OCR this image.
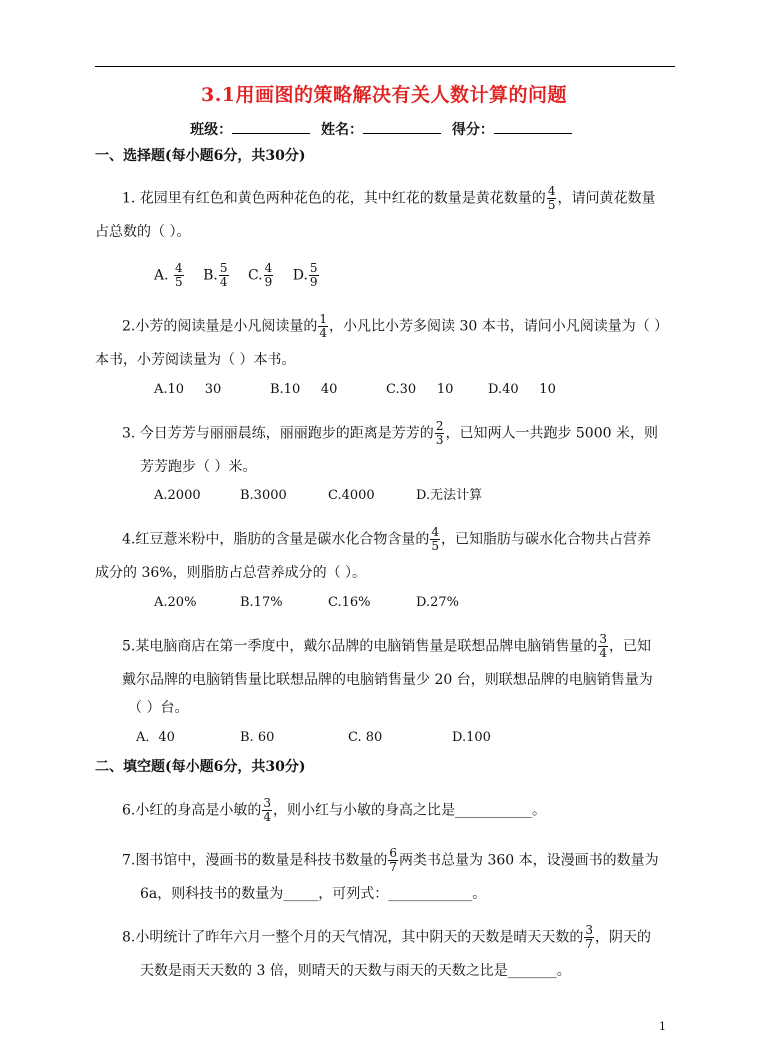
3.1用画图的策略解决有关人数计算的问题
班级：	姓名：	得分：
一、选择题(每小题6分，共30分)
1. 花园里有红色和黄色两种花色的花，其中红花的数量是黄花数量的 $\frac{4}{5}$ ，请问黄花数量
占总数的（ ）。
A. $\frac{4}{5} B$. $\frac{5}{4} C$. $\frac{4}{9} D$. $\frac{5}{9}$
2.小芳的阅读量是小凡阅读量的 $\frac{1}{4}$ ，小凡比小芳多阅读 30 本书，请问小凡阅读量为（ ）
本书，小芳阅读量为（ ）本书。
A.10     30	B.10     40	C.30     10	D.40     10
3. 今日芳芳与丽丽晨练，丽丽跑步的距离是芳芳的 $\frac{2}{3}$ ，已知两人一共跑步 5000 米，则
芳芳跑步（ ）米。
A.2000	B.3000	C.4000	D.无法计算
4.红豆薏米粉中，脂肪的含量是碳水化合物含量的 $\frac{4}{5}$ ，已知脂肪与碳水化合物共占营养
成分的 36%，则脂肪占总营养成分的（ ）。
A.20%	B.17%	C.16%	D.27%
5.某电脑商店在第一季度中，戴尔品牌的电脑销售量是联想品牌电脑销售量的 $\frac{3}{4}$ ，已知
戴尔品牌的电脑销售量比联想品牌的电脑销售量少 20 台，则联想品牌的电脑销售量为
（ ）台。
A．40	B. 60	C. 80	D.100
二、填空题(每小题6分，共30分)
6.小红的身高是小敏的 $\frac{3}{4}$ ，则小红与小敏的身高之比是___________。
7.图书馆中，漫画书的数量是科技书数量的 $\frac{6}{7}$ 两类书总量为 360 本，设漫画书的数量为
6a，则科技书的数量为_____，可列式：____________。
8.小明统计了昨年六月一整个月的天气情况，其中阴天的天数是晴天天数的 $\frac{3}{7}$ ，阴天的
天数是雨天天数的 3 倍，则晴天的天数与雨天的天数之比是_______。
1
